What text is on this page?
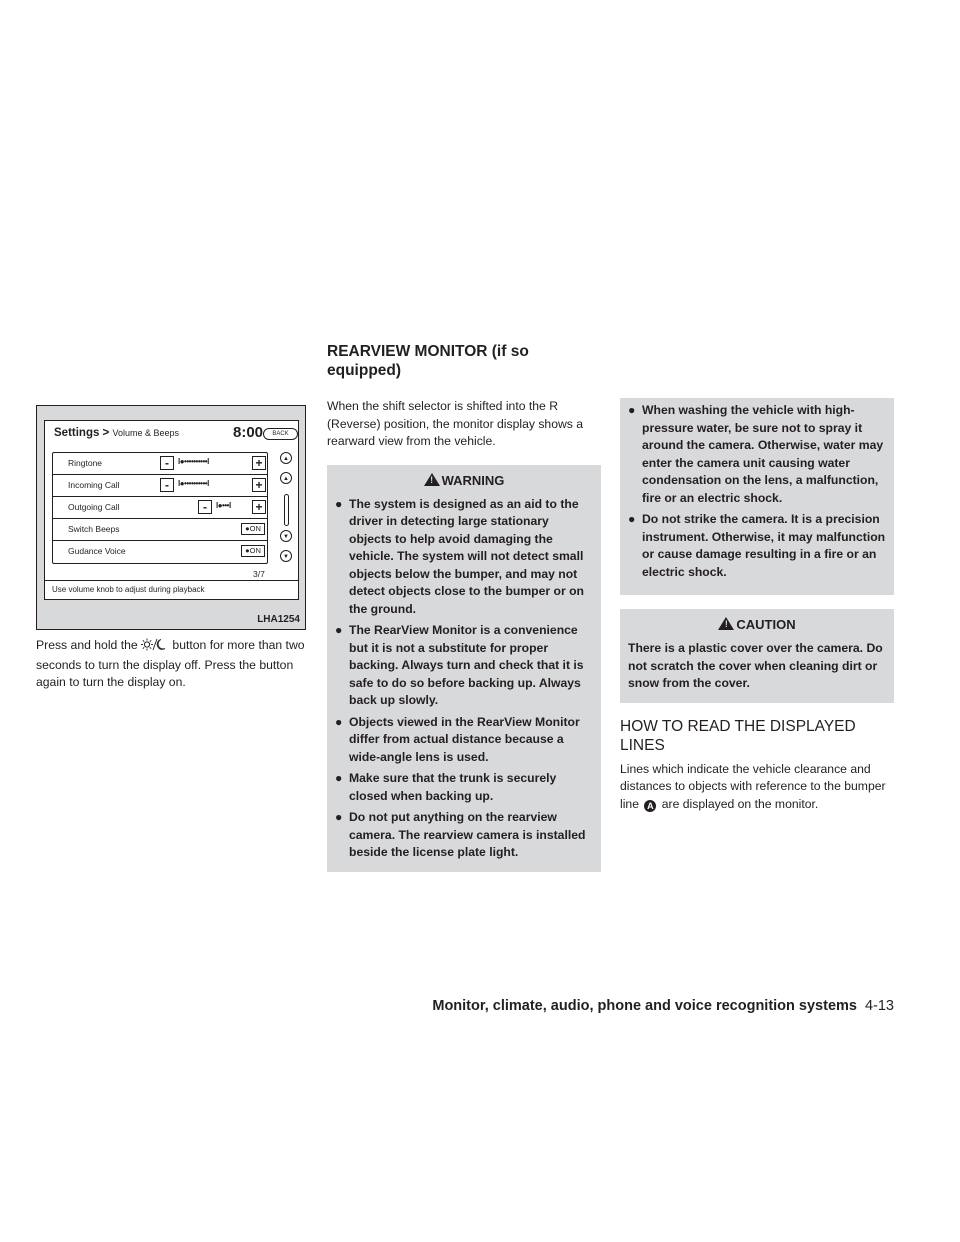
Settings > Volume & Beeps	8:00	BACK
Ringtone	-	l●••••••••••l	+
Incoming Call	-	l●••••••••••l	+
Outgoing Call	-	l●•••l +
Switch Beeps	●ON
Gudance Voice	●ON
▲
▲
▼
▼
3/7
Use volume knob to adjust during playback
LHA1254

Press and hold the	button for more than two seconds to turn the display off. Press the button again to turn the display on.

REARVIEW MONITOR (if so
equipped)

When the shift selector is shifted into the R (Reverse) position, the monitor display shows a rearward view from the vehicle.

! WARNING
● The system is designed as an aid to the driver in detecting large stationary objects to help avoid damaging the vehicle. The system will not detect small objects below the bumper, and may not detect objects close to the bumper or on the ground.
● The RearView Monitor is a convenience but it is not a substitute for proper backing. Always turn and check that it is safe to do so before backing up. Always back up slowly.
● Objects viewed in the RearView Monitor differ from actual distance because a wide-angle lens is used.
● Make sure that the trunk is securely closed when backing up.
● Do not put anything on the rearview camera. The rearview camera is installed beside the license plate light.
● When washing the vehicle with high-pressure water, be sure not to spray it around the camera. Otherwise, water may enter the camera unit causing water condensation on the lens, a malfunction, fire or an electric shock.
● Do not strike the camera. It is a precision instrument. Otherwise, it may malfunction or cause damage resulting in a fire or an electric shock.
! CAUTION

There is a plastic cover over the camera. Do not scratch the cover when cleaning dirt or snow from the cover.

HOW TO READ THE DISPLAYED LINES

Lines which indicate the vehicle clearance and distances to objects with reference to the bumper line A are displayed on the monitor.

Monitor, climate, audio, phone and voice recognition systems 4-13
